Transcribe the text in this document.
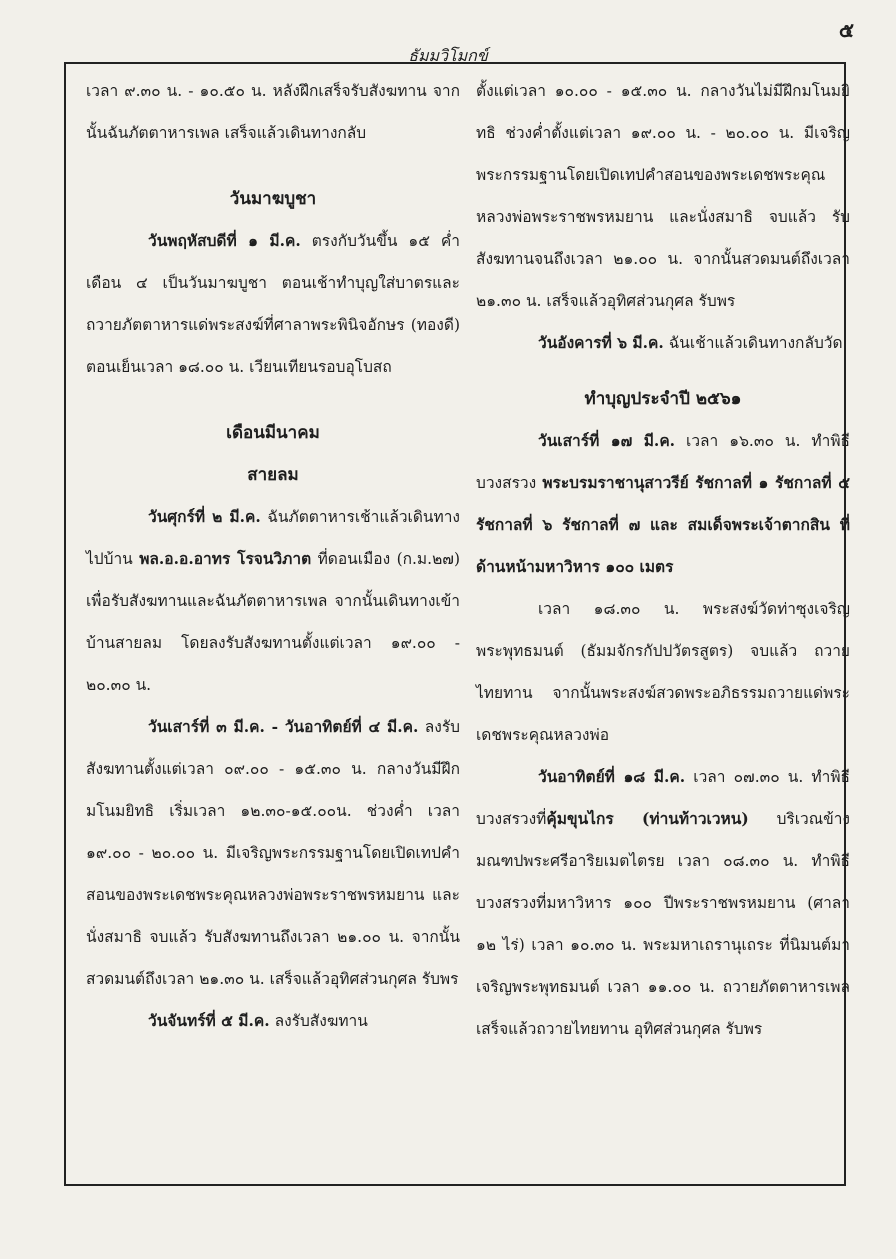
๕
ธัมมวิโมกข์

เวลา ๙.๓๐ น. - ๑๐.๕๐ น. หลังฝึกเสร็จรับสังฆทาน จากนั้นฉันภัตตาหารเพล เสร็จแล้วเดินทางกลับ

วันมาฆบูชา

วันพฤหัสบดีที่ ๑ มี.ค. ตรงกับวันขึ้น ๑๕ ค่ำ เดือน ๔ เป็นวันมาฆบูชา ตอนเช้าทำบุญใส่บาตรและถวายภัตตาหารแด่พระสงฆ์ที่ศาลาพระพินิจอักษร (ทองดี) ตอนเย็นเวลา ๑๘.๐๐ น. เวียนเทียนรอบอุโบสถ

เดือนมีนาคม

สายลม

วันศุกร์ที่ ๒ มี.ค. ฉันภัตตาหารเช้าแล้วเดินทางไปบ้าน พล.อ.อ.อาทร โรจนวิภาต ที่ดอนเมือง (ก.ม.๒๗) เพื่อรับสังฆทานและฉันภัตตาหารเพล จากนั้นเดินทางเข้าบ้านสายลม โดยลงรับสังฆทานตั้งแต่เวลา ๑๙.๐๐ - ๒๐.๓๐ น.

วันเสาร์ที่ ๓ มี.ค. - วันอาทิตย์ที่ ๔ มี.ค. ลงรับสังฆทานตั้งแต่เวลา ๐๙.๐๐ - ๑๕.๓๐ น. กลางวันมีฝึกมโนมยิทธิ เริ่มเวลา ๑๒.๓๐-๑๕.๐๐น. ช่วงค่ำ เวลา ๑๙.๐๐ - ๒๐.๐๐ น. มีเจริญพระกรรมฐานโดยเปิดเทปคำสอนของพระเดชพระคุณหลวงพ่อพระราชพรหมยาน และนั่งสมาธิ จบแล้ว รับสังฆทานถึงเวลา ๒๑.๐๐ น. จากนั้นสวดมนต์ถึงเวลา ๒๑.๓๐ น. เสร็จแล้วอุทิศส่วนกุศล รับพร

วันจันทร์ที่ ๕ มี.ค. ลงรับสังฆทาน

ตั้งแต่เวลา ๑๐.๐๐ - ๑๕.๓๐ น. กลางวันไม่มีฝึกมโนมยิทธิ ช่วงค่ำตั้งแต่เวลา ๑๙.๐๐ น. - ๒๐.๐๐ น. มีเจริญพระกรรมฐานโดยเปิดเทปคำสอนของพระเดชพระคุณหลวงพ่อพระราชพรหมยาน และนั่งสมาธิ จบแล้ว รับสังฆทานจนถึงเวลา ๒๑.๐๐ น. จากนั้นสวดมนต์ถึงเวลา ๒๑.๓๐ น. เสร็จแล้วอุทิศส่วนกุศล รับพร

วันอังคารที่ ๖ มี.ค. ฉันเช้าแล้วเดินทางกลับวัด

ทำบุญประจำปี ๒๕๖๑

วันเสาร์ที่ ๑๗ มี.ค. เวลา ๑๖.๓๐ น. ทำพิธีบวงสรวง พระบรมราชานุสาวรีย์ รัชกาลที่ ๑ รัชกาลที่ ๕ รัชกาลที่ ๖ รัชกาลที่ ๗ และ สมเด็จพระเจ้าตากสิน ที่ด้านหน้ามหาวิหาร ๑๐๐ เมตร

เวลา ๑๘.๓๐ น. พระสงฆ์วัดท่าซุงเจริญพระพุทธมนต์ (ธัมมจักรกัปปวัตรสูตร) จบแล้ว ถวายไทยทาน จากนั้นพระสงฆ์สวดพระอภิธรรมถวายแด่พระเดชพระคุณหลวงพ่อ

วันอาทิตย์ที่ ๑๘ มี.ค. เวลา ๐๗.๓๐ น. ทำพิธีบวงสรวงที่คุ้มขุนไกร (ท่านท้าวเวหน) บริเวณข้างมณฑปพระศรีอาริยเมตไตรย เวลา ๐๘.๓๐ น. ทำพิธีบวงสรวงที่มหาวิหาร ๑๐๐ ปีพระราชพรหมยาน (ศาลา ๑๒ ไร่) เวลา ๑๐.๓๐ น. พระมหาเถรานุเถระ ที่นิมนต์มาเจริญพระพุทธมนต์ เวลา ๑๑.๐๐ น. ถวายภัตตาหารเพล เสร็จแล้วถวายไทยทาน อุทิศส่วนกุศล รับพร
